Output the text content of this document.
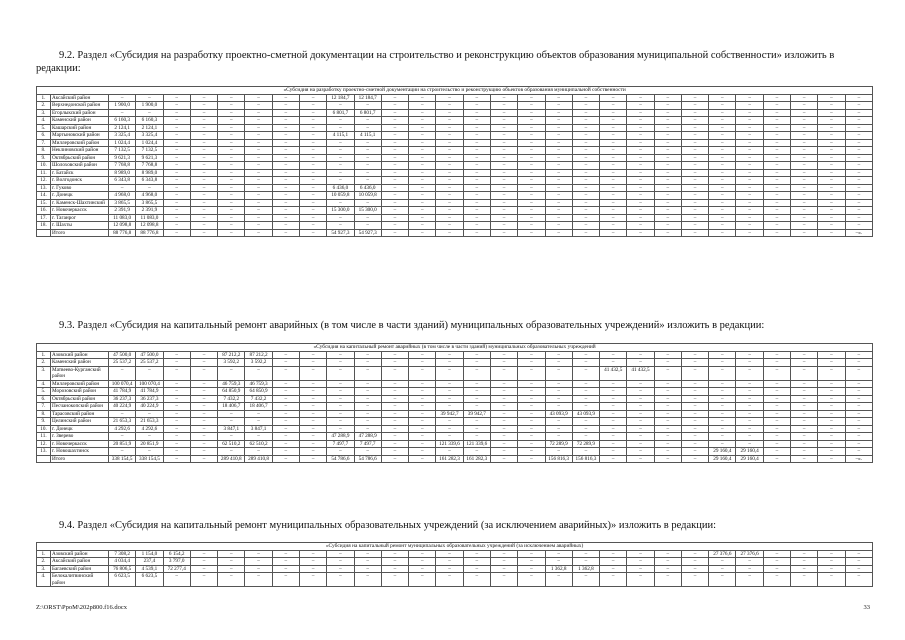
9.2. Раздел «Субсидия на разработку проектно-сметной документации на строительство и реконструкцию объектов образования муниципальной собственности» изложить в редакции:
«Субсидия на разработку проектно-сметной документации на строительство и реконструкцию объектов образования муниципальной собственности																													
1.	Аксайский район	–	–	–	–	–	–	–	–	12 184,7	12 184,7	–	–	–	–	–	–	–	–	–	–	–	–	–	–	–	–	–	–
2.	Верхнедонской район	1 900,0	1 900,0	–	–	–	–	–	–	–	–	–	–	–	–	–	–	–	–	–	–	–	–	–	–	–	–	–	–
3.	Егорлыкский район	–	–	–	–	–	–	–	–	6 801,7	6 801,7	–	–	–	–	–	–	–	–	–	–	–	–	–	–	–	–	–	–
4.	Каменский район	6 160,3	6 160,3	–	–	–	–	–	–	–	–	–	–	–	–	–	–	–	–	–	–	–	–	–	–	–	–	–	–
5.	Кашарский район	2 124,1	2 124,1	–	–	–	–	–	–	–	–	–	–	–	–	–	–	–	–	–	–	–	–	–	–	–	–	–	–
6.	Мартыновский район	3 325,4	3 325,4	–	–	–	–	–	–	4 115,1	4 115,1	–	–	–	–	–	–	–	–	–	–	–	–	–	–	–	–	–	–
7.	Миллеровский район	1 024,4	1 024,4	–	–	–	–	–	–	–	–	–	–	–	–	–	–	–	–	–	–	–	–	–	–	–	–	–	–
8.	Неклиновский район	7 132,5	7 132,5	–	–	–	–	–	–	–	–	–	–	–	–	–	–	–	–	–	–	–	–	–	–	–	–	–	–
9.	Октябрьский район	9 621,3	9 621,3	–	–	–	–	–	–	–	–	–	–	–	–	–	–	–	–	–	–	–	–	–	–	–	–	–	–
10.	Шолоховский район	7 768,8	7 768,8	–	–	–	–	–	–	–	–	–	–	–	–	–	–	–	–	–	–	–	–	–	–	–	–	–	–
11.	г. Батайск	8 989,0	8 989,0	–	–	–	–	–	–	–	–	–	–	–	–	–	–	–	–	–	–	–	–	–	–	–	–	–	–
12.	г. Волгодонск	6 343,8	6 343,8	–	–	–	–	–	–	–	–	–	–	–	–	–	–	–	–	–	–	–	–	–	–	–	–	–	–
13.	г. Гуково	–	–	–	–	–	–	–	–	6 436,0	6 436,0	–	–	–	–	–	–	–	–	–	–	–	–	–	–	–	–	–	–
14.	г. Донецк	4 968,0	4 968,0	–	–	–	–	–	–	10 059,8	10 059,8	–	–	–	–	–	–	–	–	–	–	–	–	–	–	–	–	–	–
15.	г. Каменск-Шахтинский	3 865,5	3 865,5	–	–	–	–	–	–	–	–	–	–	–	–	–	–	–	–	–	–	–	–	–	–	–	–	–	–
16.	г. Новочеркасск	2 391,9	2 391,9	–	–	–	–	–	–	15 300,0	15 300,0	–	–	–	–	–	–	–	–	–	–	–	–	–	–	–	–	–	–
17.	г. Таганрог	11 083,0	11 083,0	–	–	–	–	–	–	–	–	–	–	–	–	–	–	–	–	–	–	–	–	–	–	–	–	–	–
18.	г. Шахты	12 098,8	12 098,8	–	–	–	–	–	–	–	–	–	–	–	–	–	–	–	–	–	–	–	–	–	–	–	–	–	–
	Итого	88 776,8	88 776,8	–	–	–	–	–	–	54 927,3	54 927,3	–	–	–	–	–	–	–	–	–	–	–	–	–	–	–	–	–	–».
9.3. Раздел «Субсидия на капитальный ремонт аварийных (в том числе в части зданий) муниципальных образовательных учреждений» изложить в редакции:
«Субсидия на капитальный ремонт аварийных (в том числе в части зданий) муниципальных образовательных учреждений																													
1.	Азовский район	47 500,0	47 500,0	–	–	87 212,2	87 212,2	–	–	–	–	–	–	–	–	–	–	–	–	–	–	–	–	–	–	–	–	–	–
2.	Каменский район	25 537,2	25 537,2	–	–	3 592,2	3 592,2	–	–	–	–	–	–	–	–	–	–	–	–	–	–	–	–	–	–	–	–	–	–
3.	Матвеево-Курганский район	–	–	–	–	–	–	–	–	–	–	–	–	–	–	–	–	–	–	41 432,5	41 432,5	–	–	–	–	–	–	–	–
4.	Миллеровский район	100 070,4	100 070,4	–	–	46 759,3	46 759,3	–	–	–	–	–	–	–	–	–	–	–	–	–	–	–	–	–	–	–	–	–	–
5.	Морозовский район	41 784,9	41 784,9	–	–	64 850,9	64 850,9	–	–	–	–	–	–	–	–	–	–	–	–	–	–	–	–	–	–	–	–	–	–
6.	Октябрьский район	36 237,3	36 237,3	–	–	7 432,2	7 432,2	–	–	–	–	–	–	–	–	–	–	–	–	–	–	–	–	–	–	–	–	–	–
7.	Песчанокопский район	40 224,9	40 224,9	–	–	18 406,7	18 406,7	–	–	–	–	–	–	–	–	–	–	–	–	–	–	–	–	–	–	–	–	–	–
8.	Тарасовский район	–	–	–	–	–	–	–	–	–	–	–	–	39 942,7	39 942,7	–	–	43 093,9	43 093,9	–	–	–	–	–	–	–	–	–	–
9.	Целинский район	21 653,3	21 653,3	–	–	–	–	–	–	–	–	–	–	–	–	–	–	–	–	–	–	–	–	–	–	–	–	–	–
10.	г. Донецк	4 292,6	4 292,6	–	–	3 847,1	3 847,1	–	–	–	–	–	–	–	–	–	–	–	–	–	–	–	–	–	–	–	–	–	–
11.	г. Зверево	–	–	–	–	–	–	–	–	47 288,9	47 288,9	–	–	–	–	–	–	–	–	–	–	–	–	–	–	–	–	–	–
12.	г. Новочеркасск	20 851,9	20 851,9	–	–	62 510,2	62 510,2	–	–	7 497,7	7 497,7	–	–	121 339,6	121 339,6	–	–	72 289,9	72 289,9	–	–	–	–	–	–	–	–	–	–
13.	г. Новошахтинск	–	–	–	–	–	–	–	–	–	–	–	–	–	–	–	–	–	–	–	–	–	–	29 160,4	29 160,4	–	–	–	–
	Итого	338 154,5	338 154,5	–	–	289 410,8	289 410,8	–	–	54 786,6	54 786,6	–	–	161 282,3	161 282,3	–	–	156 816,3	156 816,3	–	–	–	–	29 160,4	29 160,4	–	–	–	–».
9.4. Раздел «Субсидия на капитальный ремонт муниципальных образовательных учреждений (за исключением аварийных)» изложить в редакции:
«Субсидия на капитальный ремонт муниципальных образовательных учреждений (за исключением аварийных)																													
1.	Азовский район	7 308,2	1 154,0	6 154,2	–	–	–	–	–	–	–	–	–	–	–	–	–	–	–	–	–	–	–	27 376,6	27 376,6	–	–	–	–
2.	Аксайский район	4 034,4	237,4	3 797,0	–	–	–	–	–	–	–	–	–	–	–	–	–	–	–	–	–	–	–	–	–	–	–	–	–
3.	Багаевский район	76 806,5	4 539,1	72 277,4	–	–	–	–	–	–	–	–	–	–	–	–	–	1 362,8	1 362,8	–	–	–	–	–	–	–	–	–	–
4.	Белокалитвинский район	6 623,5	6 623,5	–	–	–	–	–	–	–	–	–	–	–	–	–	–	–	–	–	–	–	–	–	–	–	–	–	–
Z:\ORST\PpoM\202p800.f16.docx	33
